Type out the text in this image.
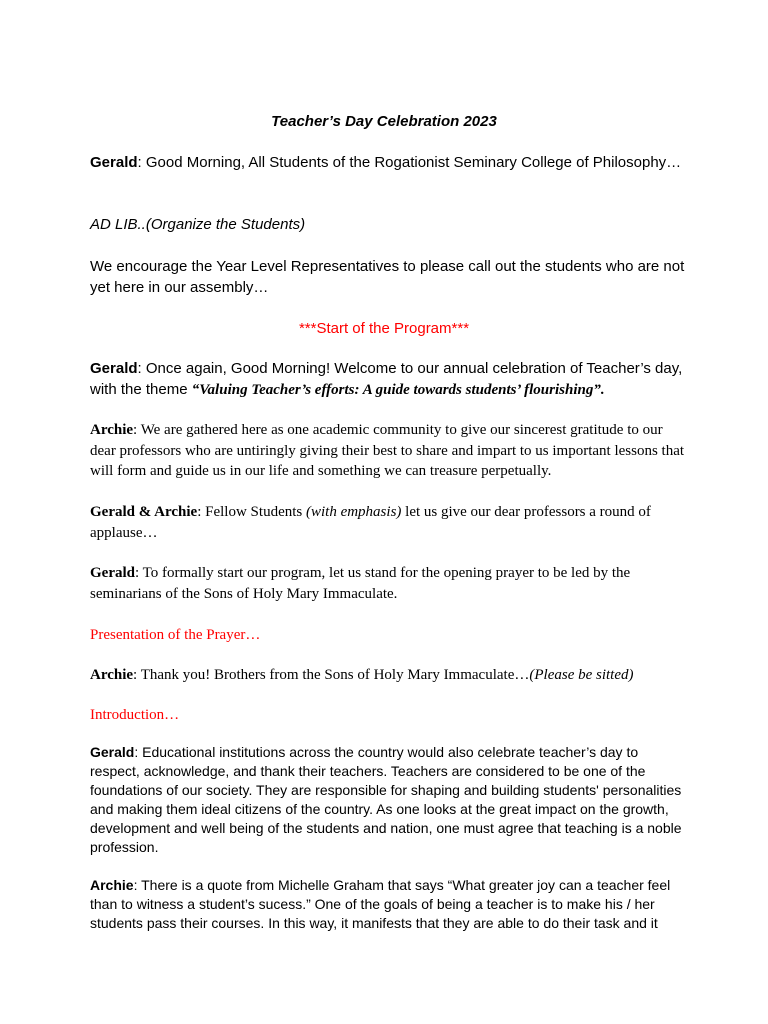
Teacher’s Day Celebration 2023

Gerald: Good Morning, All Students of the Rogationist Seminary College of Philosophy…

AD LIB..(Organize the Students)

We encourage the Year Level Representatives to please call out the students who are not yet here in our assembly…

***Start of the Program***

Gerald: Once again, Good Morning! Welcome to our annual celebration of Teacher’s day, with the theme “Valuing Teacher’s efforts: A guide towards students’ flourishing”.

Archie: We are gathered here as one academic community to give our sincerest gratitude to our dear professors who are untiringly giving their best to share and impart to us important lessons that will form and guide us in our life and something we can treasure perpetually.

Gerald & Archie: Fellow Students (with emphasis) let us give our dear professors a round of applause…

Gerald: To formally start our program, let us stand for the opening prayer to be led by the seminarians of the Sons of Holy Mary Immaculate.

Presentation of the Prayer…

Archie: Thank you! Brothers from the Sons of Holy Mary Immaculate…(Please be sitted)

Introduction…

Gerald: Educational institutions across the country would also celebrate teacher’s day to respect, acknowledge, and thank their teachers. Teachers are considered to be one of the foundations of our society. They are responsible for shaping and building students' personalities and making them ideal citizens of the country. As one looks at the great impact on the growth, development and well being of the students and nation, one must agree that teaching is a noble profession.

Archie: There is a quote from Michelle Graham that says “What greater joy can a teacher feel than to witness a student’s sucess.” One of the goals of being a teacher is to make his / her students pass their courses. In this way, it manifests that they are able to do their task and it
